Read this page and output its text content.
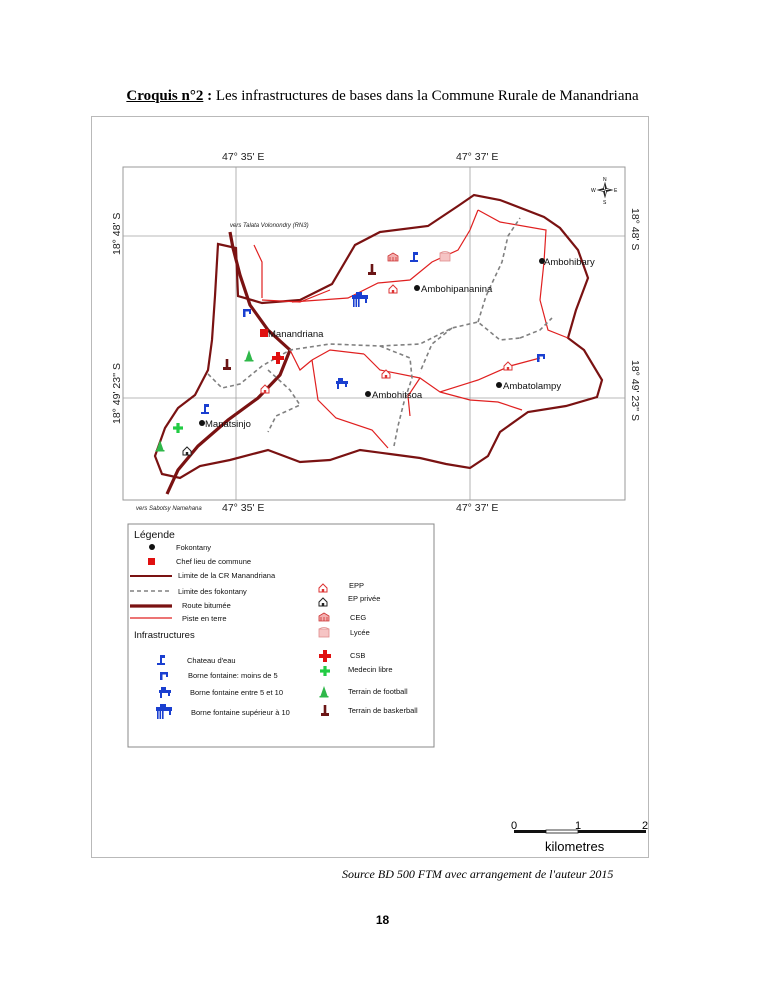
Croquis n°2 : Les infrastructures de bases dans la Commune Rurale de Manandriana
47° 35' E	47° 37' E
47° 35' E	47° 37' E
18° 48' S
18° 49' 23'' S
18° 48' S
18° 49' 23'' S
vers Talata Volonondry (RN3)
vers Sabotsy Namehana
N
S
E
W
Ambohibary
Ambohipananina
Manandriana
Ambohitsoa
Ambatolampy
Manatsinjo
Légende
Fokontany
Chef lieu de commune
Limite de la CR Manandriana
Limite des fokontany
Route bitumée
Piste en terre
Infrastructures
Chateau d'eau
Borne fontaine: moins de 5
Borne fontaine entre 5 et 10
Borne fontaine supérieur à 10
EPP
EP privée
CEG
Lycée
CSB
Medecin libre
Terrain de football
Terrain de baskerball
0	1	2
kilometres
Source BD 500 FTM avec arrangement de l'auteur 2015
18
